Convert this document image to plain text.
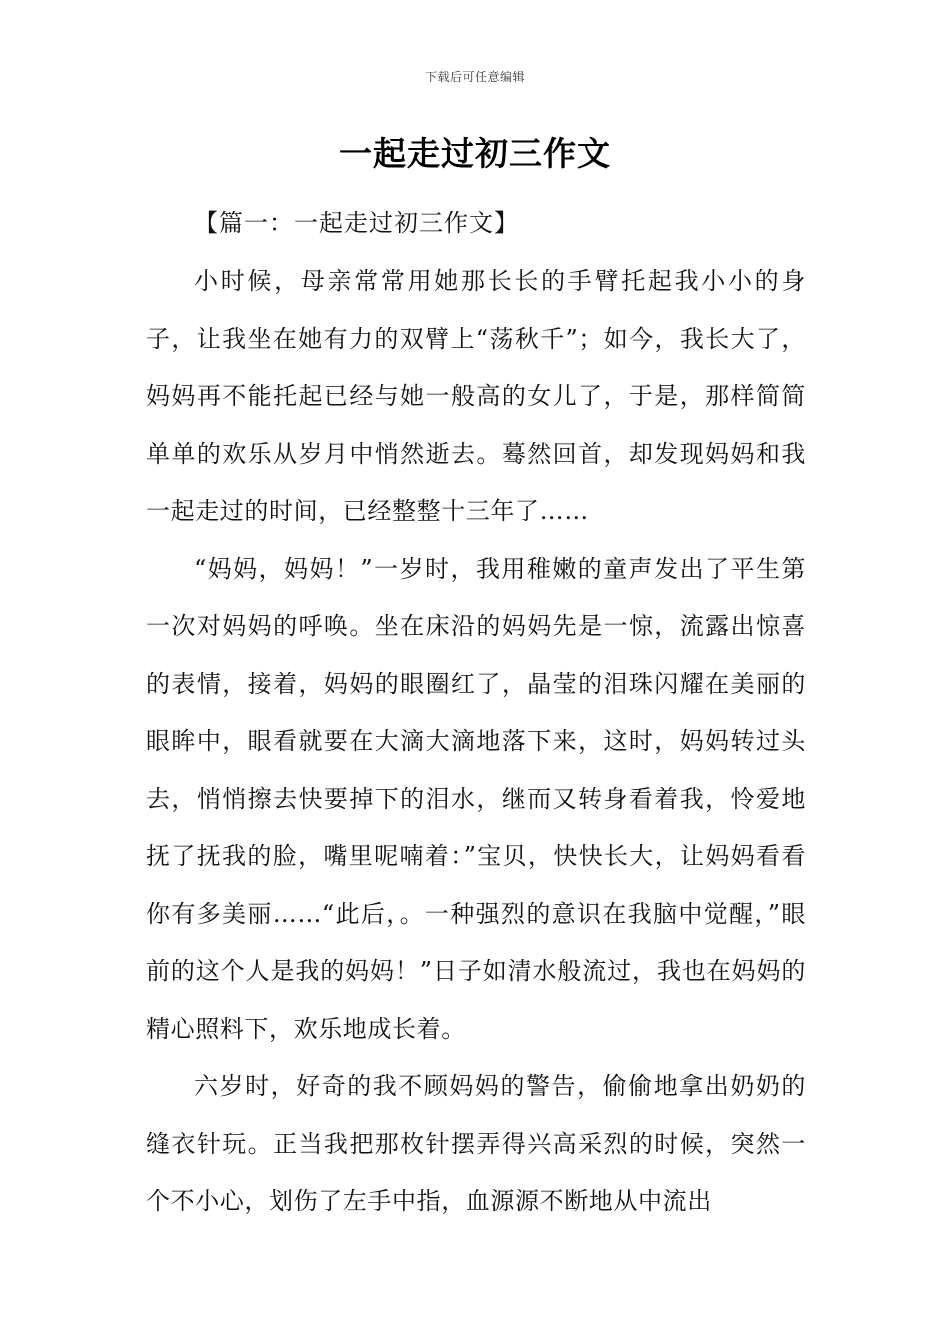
下载后可任意编辑
一起走过初三作文
【篇一：一起走过初三作文】

小时候，母亲常常用她那长长的手臂托起我小小的身子，让我坐在她有力的双臂上“荡秋千”；如今，我长大了，妈妈再不能托起已经与她一般高的女儿了，于是，那样简简单单的欢乐从岁月中悄然逝去。蓦然回首，却发现妈妈和我一起走过的时间，已经整整十三年了……

“妈妈，妈妈！”一岁时，我用稚嫩的童声发出了平生第一次对妈妈的呼唤。坐在床沿的妈妈先是一惊，流露出惊喜的表情，接着，妈妈的眼圈红了，晶莹的泪珠闪耀在美丽的眼眸中，眼看就要在大滴大滴地落下来，这时，妈妈转过头去，悄悄擦去快要掉下的泪水，继而又转身看着我，怜爱地抚了抚我的脸，嘴里呢喃着：”宝贝，快快长大，让妈妈看看你有多美丽……“此后，。一种强烈的意识在我脑中觉醒，”眼前的这个人是我的妈妈！”日子如清水般流过，我也在妈妈的精心照料下，欢乐地成长着。

六岁时，好奇的我不顾妈妈的警告，偷偷地拿出奶奶的缝衣针玩。正当我把那枚针摆弄得兴高采烈的时候，突然一个不小心，划伤了左手中指，血源源不断地从中流出
